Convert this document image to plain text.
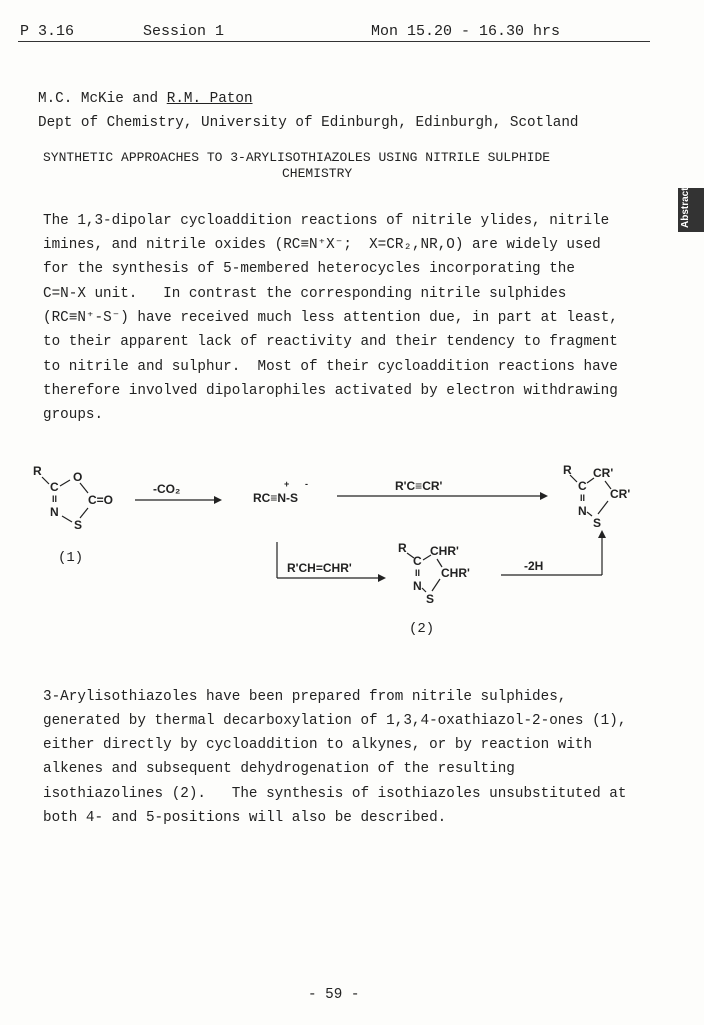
P 3.16	Session 1	Mon 15.20 - 16.30 hrs
M.C. McKie and R.M. Paton
Dept of Chemistry, University of Edinburgh, Edinburgh, Scotland
SYNTHETIC APPROACHES TO 3-ARYLISOTHIAZOLES USING NITRILE SULPHIDE
CHEMISTRY
Abstracts
The 1,3-dipolar cycloaddition reactions of nitrile ylides, nitrile
imines, and nitrile oxides (RC≡N⁺X⁻;  X=CR₂,NR,O) are widely used
for the synthesis of 5-membered heterocycles incorporating the
C=N-X unit.   In contrast the corresponding nitrile sulphides
(RC≡N⁺-S⁻) have received much less attention due, in part at least,
to their apparent lack of reactivity and their tendency to fragment
to nitrile and sulphur.  Most of their cycloaddition reactions have
therefore involved dipolarophiles activated by electron withdrawing
groups.
R	O
C
II	C=O
N
S
(1)
-CO₂
RC≡N-S
+ -	R'C≡CR'
R'CH=CHR'	-2H
R
C
CR'
CR'
II
N
S
R
C
CHR'
CHR'
II
N
S
(2)
3-Arylisothiazoles have been prepared from nitrile sulphides,
generated by thermal decarboxylation of 1,3,4-oxathiazol-2-ones (1),
either directly by cycloaddition to alkynes, or by reaction with
alkenes and subsequent dehydrogenation of the resulting
isothiazolines (2).   The synthesis of isothiazoles unsubstituted at
both 4- and 5-positions will also be described.
- 59 -
